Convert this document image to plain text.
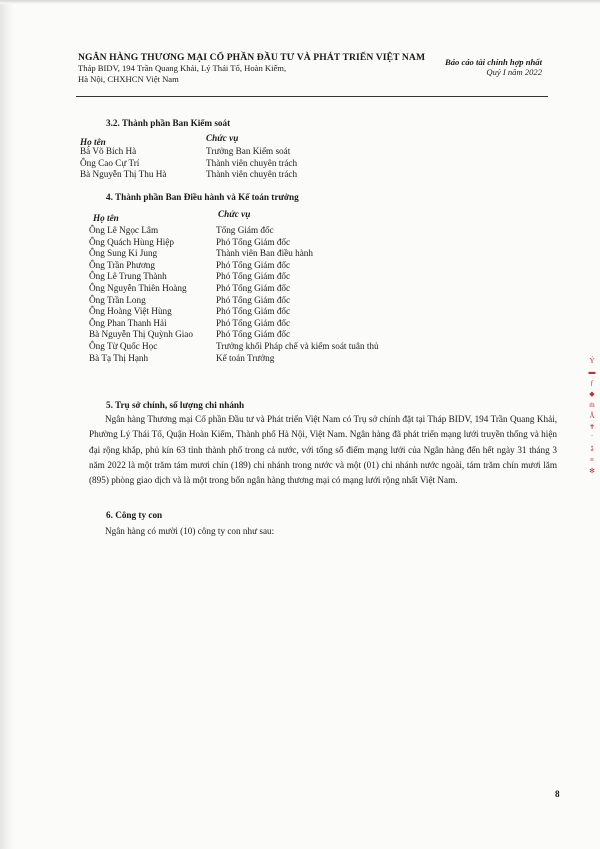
NGÂN HÀNG THƯƠNG MẠI CỔ PHẦN ĐẦU TƯ VÀ PHÁT TRIỂN VIỆT NAM
Tháp BIDV, 194 Trần Quang Khải, Lý Thái Tổ, Hoàn Kiếm,
Hà Nội, CHXHCN Việt Nam
Báo cáo tài chính hợp nhất
Quý I năm 2022
3.2. Thành phần Ban Kiểm soát
Họ tên	Chức vụ
Bà Võ Bích Hà	Trưởng Ban Kiểm soát
Ông Cao Cự Trí	Thành viên chuyên trách
Bà Nguyễn Thị Thu Hà	Thành viên chuyên trách
4. Thành phần Ban Điều hành và Kế toán trưởng
Họ tên	Chức vụ
Ông Lê Ngọc Lâm	Tổng Giám đốc
Ông Quách Hùng Hiệp	Phó Tổng Giám đốc
Ông Sung Ki Jung	Thành viên Ban điều hành
Ông Trần Phương	Phó Tổng Giám đốc
Ông Lê Trung Thành	Phó Tổng Giám đốc
Ông Nguyễn Thiên Hoàng	Phó Tổng Giám đốc
Ông Trần Long	Phó Tổng Giám đốc
Ông Hoàng Việt Hùng	Phó Tổng Giám đốc
Ông Phan Thanh Hải	Phó Tổng Giám đốc
Bà Nguyễn Thị Quỳnh Giao	Phó Tổng Giám đốc
Ông Từ Quốc Học	Trưởng khối Pháp chế và kiểm soát tuân thủ
Bà Tạ Thị Hạnh	Kế toán Trưởng
5. Trụ sở chính, số lượng chi nhánh
Ngân hàng Thương mại Cổ phần Đầu tư và Phát triển Việt Nam có Trụ sở chính đặt tại Tháp BIDV, 194 Trần Quang Khải, Phường Lý Thái Tổ, Quận Hoàn Kiếm, Thành phố Hà Nội, Việt Nam. Ngân hàng đã phát triển mạng lưới truyền thống và hiện đại rộng khắp, phủ kín 63 tỉnh thành phố trong cả nước, với tổng số điểm mạng lưới của Ngân hàng đến hết ngày 31 tháng 3 năm 2022 là một trăm tám mươi chín (189) chi nhánh trong nước và một (01) chi nhánh nước ngoài, tám trăm chín mươi lăm (895) phòng giao dịch và là một trong bốn ngân hàng thương mại có mạng lưới rộng nhất Việt Nam.
6. Công ty con
Ngân hàng có mười (10) công ty con như sau:
8
Ý
▬
ƒ
◆
ṁ
Ẫ
✝
`
ẳ
≡
✻
